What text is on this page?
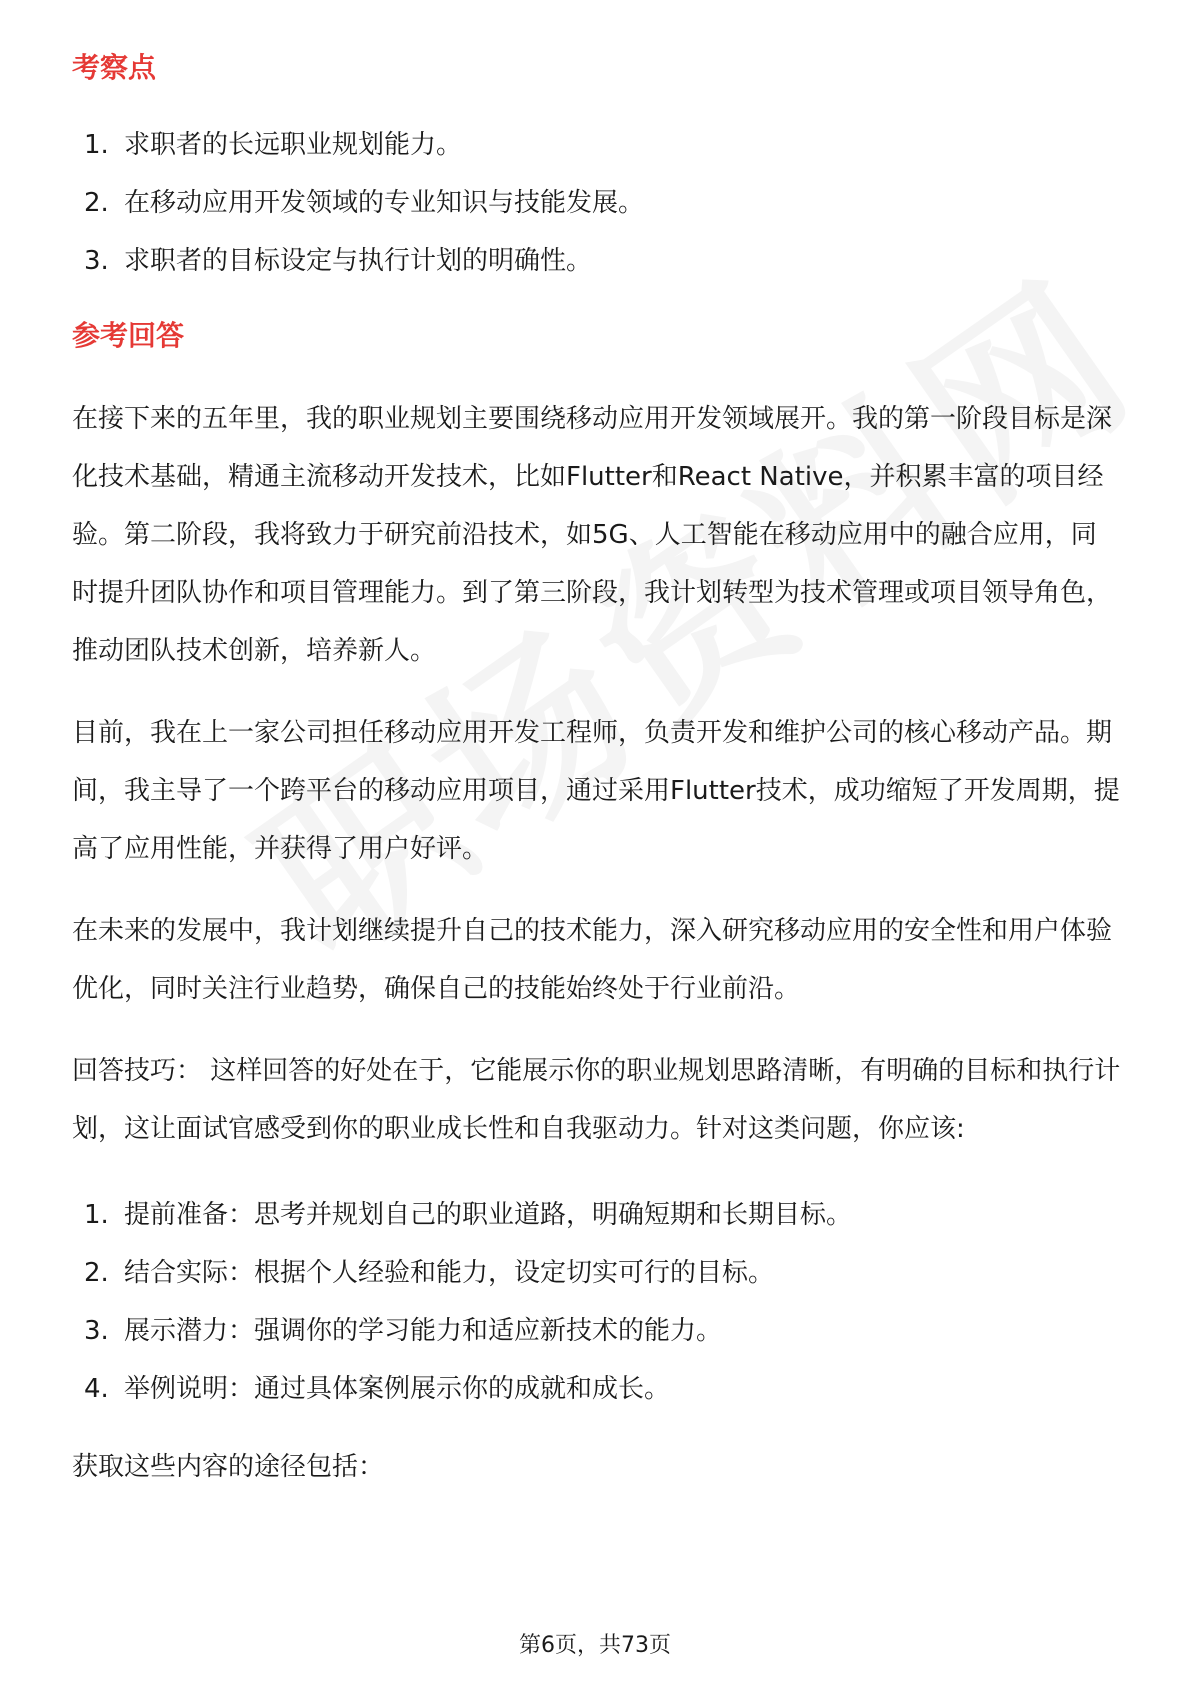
考察点
1. 求职者的长远职业规划能力。
2. 在移动应用开发领域的专业知识与技能发展。
3. 求职者的目标设定与执行计划的明确性。
参考回答

在接下来的五年里，我的职业规划主要围绕移动应用开发领域展开。我的第一阶段目标是深化技术基础，精通主流移动开发技术，比如Flutter和React Native，并积累丰富的项目经验。第二阶段，我将致力于研究前沿技术，如5G、人工智能在移动应用中的融合应用，同时提升团队协作和项目管理能力。到了第三阶段，我计划转型为技术管理或项目领导角色，推动团队技术创新，培养新人。

目前，我在上一家公司担任移动应用开发工程师，负责开发和维护公司的核心移动产品。期间，我主导了一个跨平台的移动应用项目，通过采用Flutter技术，成功缩短了开发周期，提高了应用性能，并获得了用户好评。

在未来的发展中，我计划继续提升自己的技术能力，深入研究移动应用的安全性和用户体验优化，同时关注行业趋势，确保自己的技能始终处于行业前沿。

回答技巧： 这样回答的好处在于，它能展示你的职业规划思路清晰，有明确的目标和执行计划，这让面试官感受到你的职业成长性和自我驱动力。针对这类问题，你应该:

1. 提前准备：思考并规划自己的职业道路，明确短期和长期目标。
2. 结合实际：根据个人经验和能力，设定切实可行的目标。
3. 展示潜力：强调你的学习能力和适应新技术的能力。
4. 举例说明：通过具体案例展示你的成就和成长。

获取这些内容的途径包括：

第6页，共73页
